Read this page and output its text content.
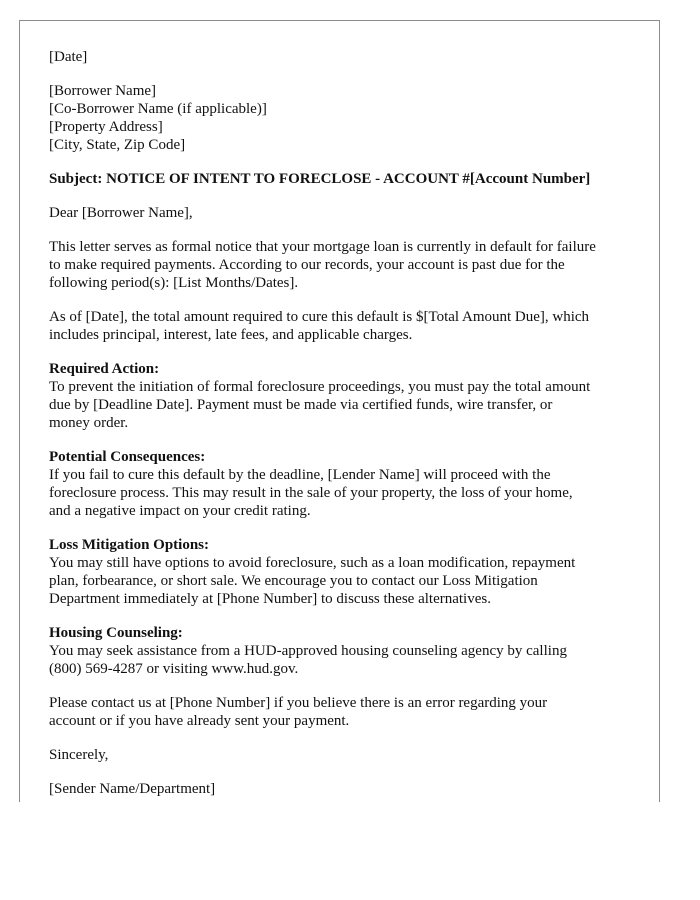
[Date]
[Borrower Name]
[Co-Borrower Name (if applicable)]
[Property Address]
[City, State, Zip Code]
Subject: NOTICE OF INTENT TO FORECLOSE - ACCOUNT #[Account Number]
Dear [Borrower Name],
This letter serves as formal notice that your mortgage loan is currently in default for failure
to make required payments. According to our records, your account is past due for the
following period(s): [List Months/Dates].
As of [Date], the total amount required to cure this default is $[Total Amount Due], which
includes principal, interest, late fees, and applicable charges.
Required Action:
To prevent the initiation of formal foreclosure proceedings, you must pay the total amount
due by [Deadline Date]. Payment must be made via certified funds, wire transfer, or
money order.
Potential Consequences:
If you fail to cure this default by the deadline, [Lender Name] will proceed with the
foreclosure process. This may result in the sale of your property, the loss of your home,
and a negative impact on your credit rating.
Loss Mitigation Options:
You may still have options to avoid foreclosure, such as a loan modification, repayment
plan, forbearance, or short sale. We encourage you to contact our Loss Mitigation
Department immediately at [Phone Number] to discuss these alternatives.
Housing Counseling:
You may seek assistance from a HUD-approved housing counseling agency by calling
(800) 569-4287 or visiting www.hud.gov.
Please contact us at [Phone Number] if you believe there is an error regarding your
account or if you have already sent your payment.
Sincerely,
[Sender Name/Department]
